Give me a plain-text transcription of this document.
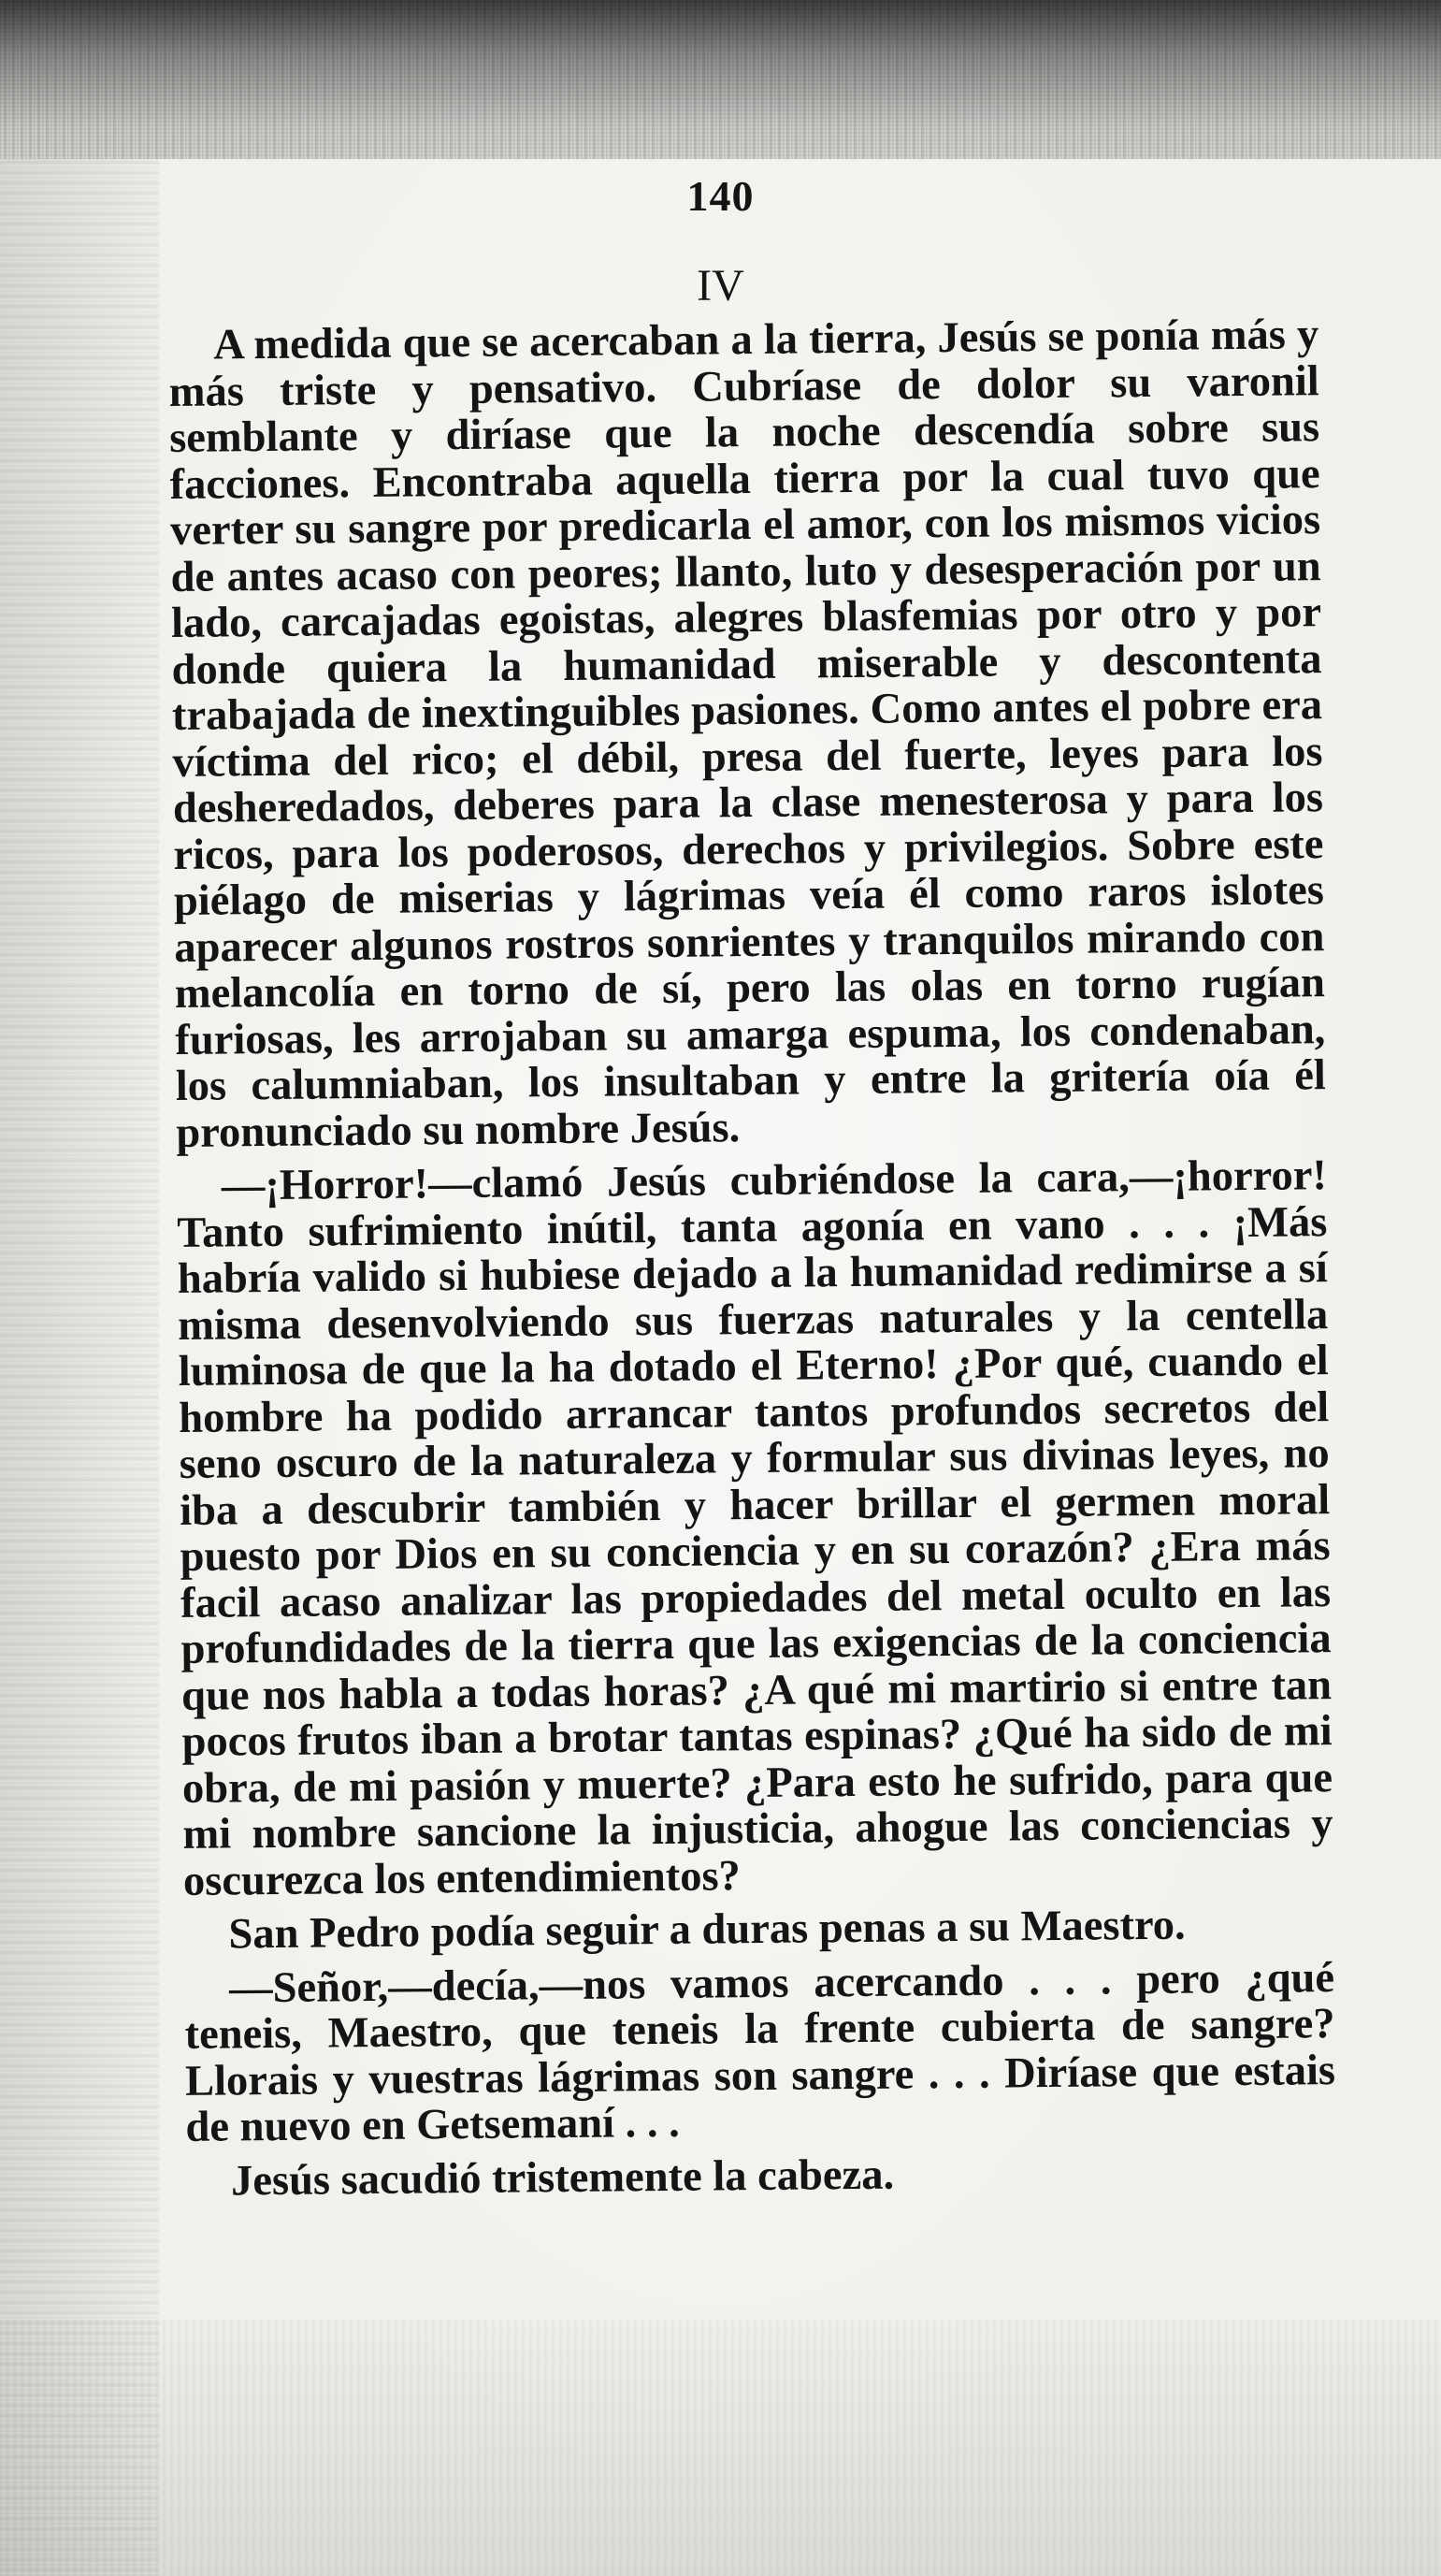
140
IV

A medida que se acercaban a la tierra, Jesús se ponía más y más triste y pensativo. Cubríase de dolor su varonil semblante y diríase que la noche descendía sobre sus facciones. Encontraba aquella tierra por la cual tuvo que verter su sangre por predicarla el amor, con los mismos vicios de antes acaso con peores; llanto, luto y desesperación por un lado, carcajadas egoistas, alegres blasfemias por otro y por donde quiera la humanidad miserable y descontenta trabajada de inextinguibles pasiones. Como antes el pobre era víctima del rico; el débil, presa del fuerte, leyes para los desheredados, deberes para la clase menesterosa y para los ricos, para los poderosos, derechos y privilegios. Sobre este piélago de miserias y lágrimas veía él como raros islotes aparecer algunos rostros sonrientes y tranquilos mirando con melancolía en torno de sí, pero las olas en torno rugían furiosas, les arrojaban su amarga espuma, los condenaban, los calumniaban, los insultaban y entre la gritería oía él pronunciado su nombre Jesús.

—¡Horror!—clamó Jesús cubriéndose la cara,—¡horror! Tanto sufrimiento inútil, tanta agonía en vano . . . ¡Más habría valido si hubiese dejado a la humanidad redimirse a sí misma desenvolviendo sus fuerzas naturales y la centella luminosa de que la ha dotado el Eterno! ¿Por qué, cuando el hombre ha podido arrancar tantos profundos secretos del seno oscuro de la naturaleza y formular sus divinas leyes, no iba a descubrir también y hacer brillar el germen moral puesto por Dios en su conciencia y en su corazón? ¿Era más facil acaso analizar las propiedades del metal oculto en las profundidades de la tierra que las exigencias de la conciencia que nos habla a todas horas? ¿A qué mi martirio si entre tan pocos frutos iban a brotar tantas espinas? ¿Qué ha sido de mi obra, de mi pasión y muerte? ¿Para esto he sufrido, para que mi nombre sancione la injusticia, ahogue las conciencias y oscurezca los entendimientos?

San Pedro podía seguir a duras penas a su Maestro.

—Señor,—decía,—nos vamos acercando . . . pero ¿qué teneis, Maestro, que teneis la frente cubierta de sangre? Llorais y vuestras lágrimas son sangre . . . Diríase que estais de nuevo en Getsemaní . . .

Jesús sacudió tristemente la cabeza.
